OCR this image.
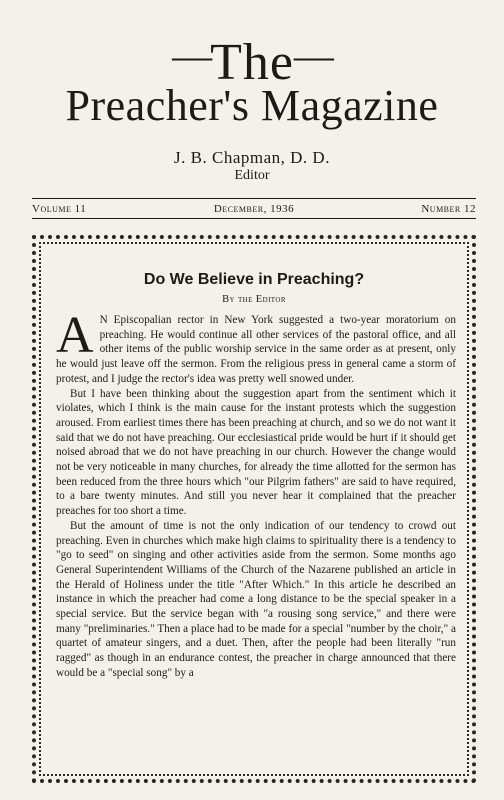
—The—
Preacher's Magazine
J. B. Chapman, D. D.
Editor
Volume 11	December, 1936	Number 12
Do We Believe in Preaching?
By the Editor

A N Episcopalian rector in New York suggested a two-year moratorium on preaching. He would continue all other services of the pastoral office, and all other items of the public worship service in the same order as at present, only he would just leave off the sermon. From the religious press in general came a storm of protest, and I judge the rector's idea was pretty well snowed under.

But I have been thinking about the suggestion apart from the sentiment which it violates, which I think is the main cause for the instant protests which the suggestion aroused. From earliest times there has been preaching at church, and so we do not want it said that we do not have preaching. Our ecclesiastical pride would be hurt if it should get noised abroad that we do not have preaching in our church. However the change would not be very noticeable in many churches, for already the time allotted for the sermon has been reduced from the three hours which "our Pilgrim fathers" are said to have required, to a bare twenty minutes. And still you never hear it complained that the preacher preaches for too short a time.

But the amount of time is not the only indication of our tendency to crowd out preaching. Even in churches which make high claims to spirituality there is a tendency to "go to seed" on singing and other activities aside from the sermon. Some months ago General Superintendent Williams of the Church of the Nazarene published an article in the Herald of Holiness under the title "After Which." In this article he described an instance in which the preacher had come a long distance to be the special speaker in a special service. But the service began with "a rousing song service," and there were many "preliminaries." Then a place had to be made for a special "number by the choir," a quartet of amateur singers, and a duet. Then, after the people had been literally "run ragged" as though in an endurance contest, the preacher in charge announced that there would be a "special song" by a
